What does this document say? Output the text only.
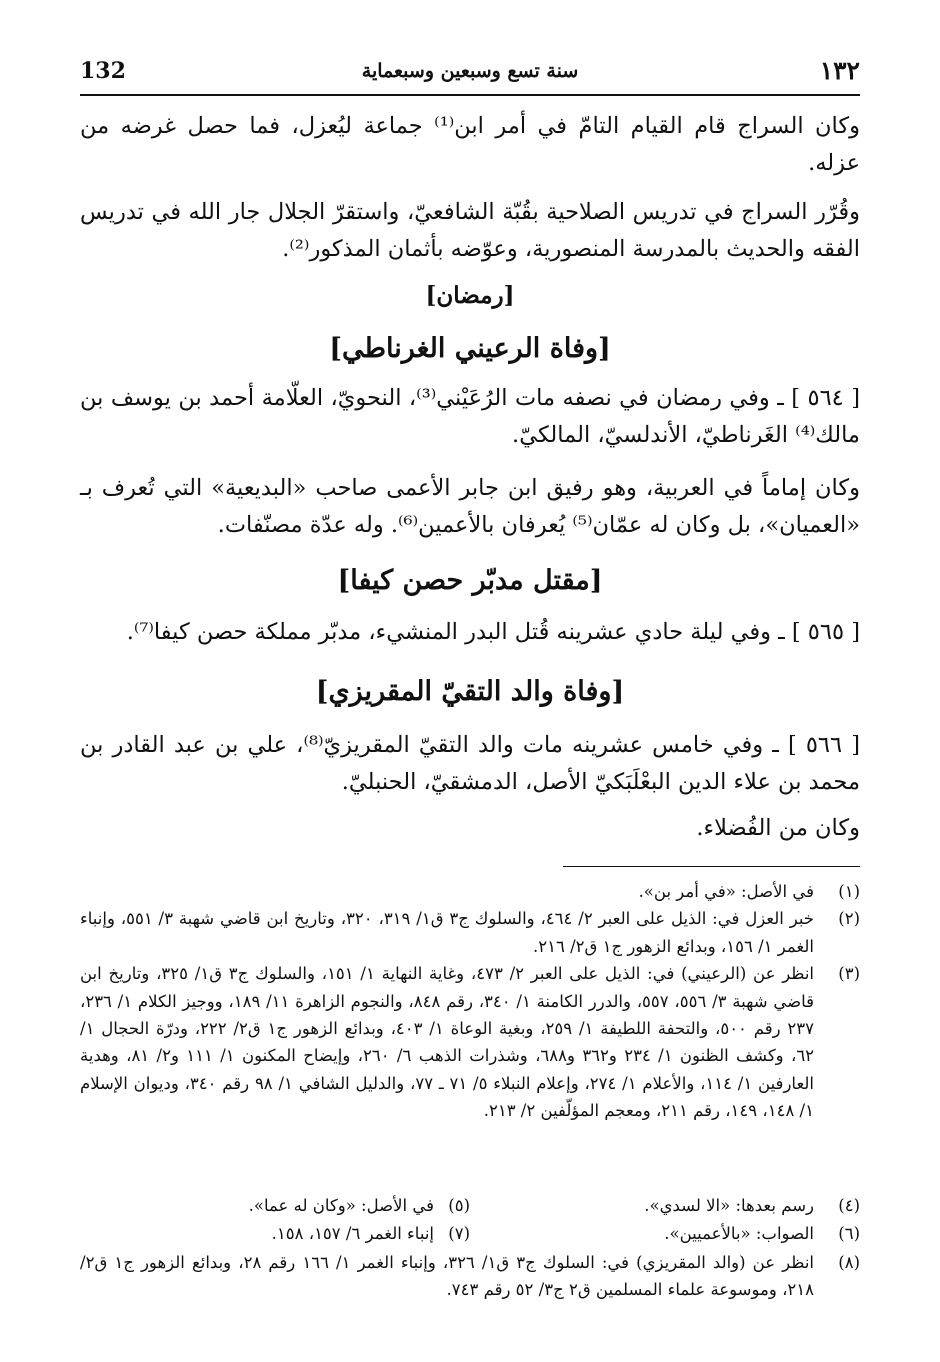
132	سنة تسع وسبعين وسبعماية	١٣٢

وكان السراج قام القيام التامّ في أمر ابن⁽¹⁾ جماعة ليُعزل، فما حصل غرضه من عزله.

وقُرّر السراج في تدريس الصلاحية بقُبّة الشافعيّ، واستقرّ الجلال جار الله في تدريس الفقه والحديث بالمدرسة المنصورية، وعوّضه بأثمان المذكور⁽²⁾.

[رمضان]

[وفاة الرعيني الغرناطي]

[ ٥٦٤ ] ـ وفي رمضان في نصفه مات الرُعَيْني⁽³⁾، النحويّ، العلّامة أحمد بن يوسف بن مالك⁽⁴⁾ الغَرناطيّ، الأندلسيّ، المالكيّ.

وكان إماماً في العربية، وهو رفيق ابن جابر الأعمى صاحب «البديعية» التي تُعرف بـ «العميان»، بل وكان له عمّان⁽⁵⁾ يُعرفان بالأعمين⁽⁶⁾. وله عدّة مصنّفات.

[مقتل مدبّر حصن كيفا]

[ ٥٦٥ ] ـ وفي ليلة حادي عشرينه قُتل البدر المنشيء، مدبّر مملكة حصن كيفا⁽⁷⁾.

[وفاة والد التقيّ المقريزي]

[ ٥٦٦ ] ـ وفي خامس عشرينه مات والد التقيّ المقريزيّ⁽⁸⁾، علي بن عبد القادر بن محمد بن علاء الدين البعْلَبَكيّ الأصل، الدمشقيّ، الحنبليّ.

وكان من الفُضلاء.

(١)
في الأصل: «في أمر بن».
(٢)
خبر العزل في: الذيل على العبر ٢/ ٤٦٤، والسلوك ج٣ ق١/ ٣١٩، ٣٢٠، وتاريخ ابن قاضي شهبة ٣/ ٥٥١، وإنباء الغمر ١/ ١٥٦، وبدائع الزهور ج١ ق٢/ ٢١٦.
(٣)
انظر عن (الرعيني) في: الذيل على العبر ٢/ ٤٧٣، وغاية النهاية ١/ ١٥١، والسلوك ج٣ ق١/ ٣٢٥، وتاريخ ابن قاضي شهبة ٣/ ٥٥٦، ٥٥٧، والدرر الكامنة ١/ ٣٤٠، رقم ٨٤٨، والنجوم الزاهرة ١١/ ١٨٩، ووجيز الكلام ١/ ٢٣٦، ٢٣٧ رقم ٥٠٠، والتحفة اللطيفة ١/ ٢٥٩، وبغية الوعاة ١/ ٤٠٣، وبدائع الزهور ج١ ق٢/ ٢٢٢، ودرّة الحجال ١/ ٦٢، وكشف الظنون ١/ ٢٣٤ و٣٦٢ و٦٨٨، وشذرات الذهب ٦/ ٢٦٠، وإيضاح المكنون ١/ ١١١ و٢/ ٨١، وهدية العارفين ١/ ١١٤، والأعلام ١/ ٢٧٤، وإعلام النبلاء ٥/ ٧١ ـ ٧٧، والدليل الشافي ١/ ٩٨ رقم ٣٤٠، وديوان الإسلام ١/ ١٤٨، ١٤٩، رقم ٢١١، ومعجم المؤلّفين ٢/ ٢١٣.
(٤)
رسم بعدها: «الا لسدي».
(٥)
في الأصل: «وكان له عما».
(٦)
الصواب: «بالأعميين».
(٧)
إنباء الغمر ٦/ ١٥٧، ١٥٨.
(٨)
انظر عن (والد المقريزي) في: السلوك ج٣ ق١/ ٣٢٦، وإنباء الغمر ١/ ١٦٦ رقم ٢٨، وبدائع الزهور ج١ ق٢/ ٢١٨، وموسوعة علماء المسلمين ق٢ ج٣/ ٥٢ رقم ٧٤٣.
